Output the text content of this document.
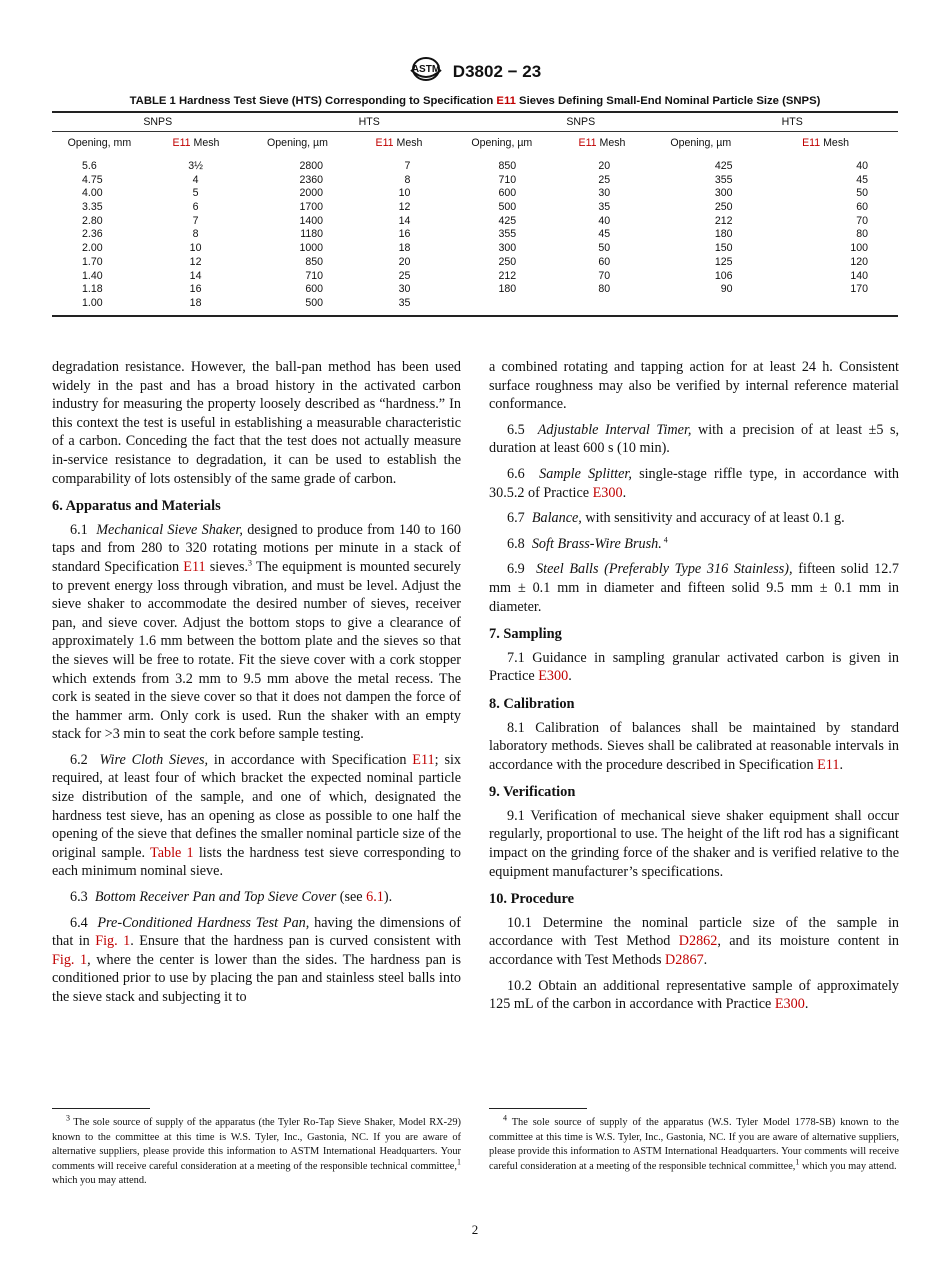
ASTM D3802 − 23
TABLE 1 Hardness Test Sieve (HTS) Corresponding to Specification E11 Sieves Defining Small-End Nominal Particle Size (SNPS)
SNPS	HTS	SNPS	HTS
Opening, mm	E11 Mesh	Opening, µm	E11 Mesh	Opening, µm	E11 Mesh	Opening, µm	E11 Mesh
5.6	3½	2800	7	850	20	425	40
4.75	4	2360	8	710	25	355	45
4.00	5	2000	10	600	30	300	50
3.35	6	1700	12	500	35	250	60
2.80	7	1400	14	425	40	212	70
2.36	8	1180	16	355	45	180	80
2.00	10	1000	18	300	50	150	100
1.70	12	850	20	250	60	125	120
1.40	14	710	25	212	70	106	140
1.18	16	600	30	180	80	90	170
1.00	18	500	35

degradation resistance. However, the ball-pan method has been used widely in the past and has a broad history in the activated carbon industry for measuring the property loosely described as “hardness.” In this context the test is useful in establishing a measurable characteristic of a carbon. Conceding the fact that the test does not actually measure in-service resistance to degradation, it can be used to establish the comparability of lots ostensibly of the same grade of carbon.

6. Apparatus and Materials

6.1 Mechanical Sieve Shaker, designed to produce from 140 to 160 taps and from 280 to 320 rotating motions per minute in a stack of standard Specification E11 sieves.$^3$ The equipment is mounted securely to prevent energy loss through vibration, and must be level. Adjust the sieve shaker to accommodate the desired number of sieves, receiver pan, and sieve cover. Adjust the bottom stops to give a clearance of approximately 1.6 mm between the bottom plate and the sieves so that the sieves will be free to rotate. Fit the sieve cover with a cork stopper which extends from 3.2 mm to 9.5 mm above the metal recess. The cork is seated in the sieve cover so that it does not dampen the force of the hammer arm. Only cork is used. Run the shaker with an empty stack for >3 min to seat the cork before sample testing.

6.2 Wire Cloth Sieves, in accordance with Specification E11; six required, at least four of which bracket the expected nominal particle size distribution of the sample, and one of which, designated the hardness test sieve, has an opening as close as possible to one half the opening of the sieve that defines the smaller nominal particle size of the original sample. Table 1 lists the hardness test sieve corresponding to each minimum nominal sieve.

6.3 Bottom Receiver Pan and Top Sieve Cover (see 6.1).

6.4 Pre-Conditioned Hardness Test Pan, having the dimensions of that in Fig. 1. Ensure that the hardness pan is curved consistent with Fig. 1, where the center is lower than the sides. The hardness pan is conditioned prior to use by placing the pan and stainless steel balls into the sieve stack and subjecting it to

$^3$ The sole source of supply of the apparatus (the Tyler Ro-Tap Sieve Shaker, Model RX-29) known to the committee at this time is W.S. Tyler, Inc., Gastonia, NC. If you are aware of alternative suppliers, please provide this information to ASTM International Headquarters. Your comments will receive careful consideration at a meeting of the responsible technical committee,$^1$ which you may attend.

a combined rotating and tapping action for at least 24 h. Consistent surface roughness may also be verified by internal reference material conformance.

6.5 Adjustable Interval Timer, with a precision of at least ±5 s, duration at least 600 s (10 min).

6.6 Sample Splitter, single-stage riffle type, in accordance with 30.5.2 of Practice E300.

6.7 Balance, with sensitivity and accuracy of at least 0.1 g.

6.8 Soft Brass-Wire Brush. $^4$

6.9 Steel Balls (Preferably Type 316 Stainless), fifteen solid 12.7 mm ± 0.1 mm in diameter and fifteen solid 9.5 mm ± 0.1 mm in diameter.

7. Sampling

7.1 Guidance in sampling granular activated carbon is given in Practice E300.

8. Calibration

8.1 Calibration of balances shall be maintained by standard laboratory methods. Sieves shall be calibrated at reasonable intervals in accordance with the procedure described in Specification E11.

9. Verification

9.1 Verification of mechanical sieve shaker equipment shall occur regularly, proportional to use. The height of the lift rod has a significant impact on the grinding force of the shaker and is verified relative to the equipment manufacturer’s specifications.

10. Procedure

10.1 Determine the nominal particle size of the sample in accordance with Test Method D2862, and its moisture content in accordance with Test Methods D2867.

10.2 Obtain an additional representative sample of approximately 125 mL of the carbon in accordance with Practice E300.

$^4$ The sole source of supply of the apparatus (W.S. Tyler Model 1778-SB) known to the committee at this time is W.S. Tyler, Inc., Gastonia, NC. If you are aware of alternative suppliers, please provide this information to ASTM International Headquarters. Your comments will receive careful consideration at a meeting of the responsible technical committee,$^1$ which you may attend.
2
